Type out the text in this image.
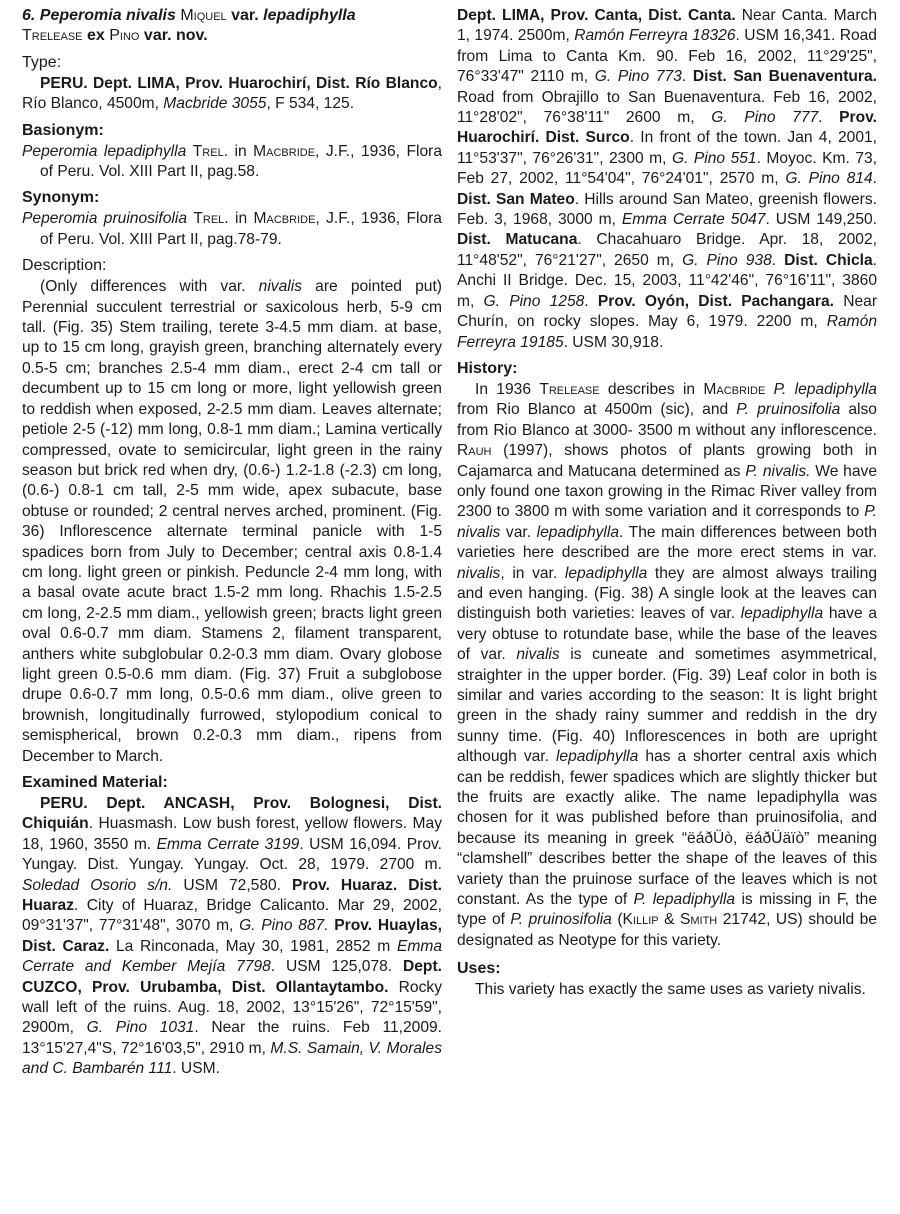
6. Peperomia nivalis Miquel var. lepadiphylla
Trelease ex Pino var. nov.

Type:

PERU. Dept. LIMA, Prov. Huarochirí, Dist. Río Blanco, Río Blanco, 4500m, Macbride 3055, F 534, 125.

Basionym:

Peperomia lepadiphylla Trel. in Macbride, J.F., 1936, Flora of Peru. Vol. XIII Part II, pag.58.

Synonym:

Peperomia pruinosifolia Trel. in Macbride, J.F., 1936, Flora of Peru. Vol. XIII Part II, pag.78-79.

Description:

(Only differences with var. nivalis are pointed put) Perennial succulent terrestrial or saxicolous herb, 5-9 cm tall. (Fig. 35) Stem trailing, terete 3-4.5 mm diam. at base, up to 15 cm long, grayish green, branching alternately every 0.5-5 cm; branches 2.5-4 mm diam., erect 2-4 cm tall or decumbent up to 15 cm long or more, light yellowish green to reddish when exposed, 2-2.5 mm diam. Leaves alternate; petiole 2-5 (-12) mm long, 0.8-1 mm diam.; Lamina vertically compressed, ovate to semicircular, light green in the rainy season but brick red when dry, (0.6-) 1.2-1.8 (-2.3) cm long, (0.6-) 0.8-1 cm tall, 2-5 mm wide, apex subacute, base obtuse or rounded; 2 central nerves arched, prominent. (Fig. 36) Inflorescence alternate terminal panicle with 1-5 spadices born from July to December; central axis 0.8-1.4 cm long. light green or pinkish. Peduncle 2-4 mm long, with a basal ovate acute bract 1.5-2 mm long. Rhachis 1.5-2.5 cm long, 2-2.5 mm diam., yellowish green; bracts light green oval 0.6-0.7 mm diam. Stamens 2, filament transparent, anthers white subglobular 0.2-0.3 mm diam. Ovary globose light green 0.5-0.6 mm diam. (Fig. 37) Fruit a subglobose drupe 0.6-0.7 mm long, 0.5-0.6 mm diam., olive green to brownish, longitudinally furrowed, stylopodium conical to semispherical, brown 0.2-0.3 mm diam., ripens from December to March.

Examined Material:

PERU. Dept. ANCASH, Prov. Bolognesi, Dist. Chiquián. Huasmash. Low bush forest, yellow flowers. May 18, 1960, 3550 m. Emma Cerrate 3199. USM 16,094. Prov. Yungay. Dist. Yungay. Yungay. Oct. 28, 1979. 2700 m. Soledad Osorio s/n. USM 72,580. Prov. Huaraz. Dist. Huaraz. City of Huaraz, Bridge Calicanto. Mar 29, 2002, 09°31'37", 77°31'48", 3070 m, G. Pino 887. Prov. Huaylas, Dist. Caraz. La Rinconada, May 30, 1981, 2852 m Emma Cerrate and Kember Mejía 7798. USM 125,078. Dept. CUZCO, Prov. Urubamba, Dist. Ollantaytambo. Rocky wall left of the ruins. Aug. 18, 2002, 13°15'26", 72°15'59", 2900m, G. Pino 1031. Near the ruins. Feb 11,2009. 13°15'27,4"S, 72°16'03,5", 2910 m, M.S. Samain, V. Morales and C. Bambarén 111. USM.

Dept. LIMA, Prov. Canta, Dist. Canta. Near Canta. March 1, 1974. 2500m, Ramón Ferreyra 18326. USM 16,341. Road from Lima to Canta Km. 90. Feb 16, 2002, 11°29'25", 76°33'47" 2110 m, G. Pino 773. Dist. San Buenaventura. Road from Obrajillo to San Buenaventura. Feb 16, 2002, 11°28'02", 76°38'11" 2600 m, G. Pino 777. Prov. Huarochirí. Dist. Surco. In front of the town. Jan 4, 2001, 11°53'37", 76°26'31", 2300 m, G. Pino 551. Moyoc. Km. 73, Feb 27, 2002, 11°54'04", 76°24'01", 2570 m, G. Pino 814. Dist. San Mateo. Hills around San Mateo, greenish flowers. Feb. 3, 1968, 3000 m, Emma Cerrate 5047. USM 149,250. Dist. Matucana. Chacahuaro Bridge. Apr. 18, 2002, 11°48'52", 76°21'27", 2650 m, G. Pino 938. Dist. Chicla. Anchi II Bridge. Dec. 15, 2003, 11°42'46", 76°16'11", 3860 m, G. Pino 1258. Prov. Oyón, Dist. Pachangara. Near Churín, on rocky slopes. May 6, 1979. 2200 m, Ramón Ferreyra 19185. USM 30,918.

History:

In 1936 Trelease describes in Macbride P. lepadiphylla from Rio Blanco at 4500m (sic), and P. pruinosifolia also from Rio Blanco at 3000- 3500 m without any inflorescence. Rauh (1997), shows photos of plants growing both in Cajamarca and Matucana determined as P. nivalis. We have only found one taxon growing in the Rimac River valley from 2300 to 3800 m with some variation and it corresponds to P. nivalis var. lepadiphylla. The main differences between both varieties here described are the more erect stems in var. nivalis, in var. lepadiphylla they are almost always trailing and even hanging. (Fig. 38) A single look at the leaves can distinguish both varieties: leaves of var. lepadiphylla have a very obtuse to rotundate base, while the base of the leaves of var. nivalis is cuneate and sometimes asymmetrical, straighter in the upper border. (Fig. 39) Leaf color in both is similar and varies according to the season: It is light bright green in the shady rainy summer and reddish in the dry sunny time. (Fig. 40) Inflorescences in both are upright although var. lepadiphylla has a shorter central axis which can be reddish, fewer spadices which are slightly thicker but the fruits are exactly alike. The name lepadiphylla was chosen for it was published before than pruinosifolia, and because its meaning in greek “ëáðÜò, ëáðÜäïò” meaning “clamshell” describes better the shape of the leaves of this variety than the pruinose surface of the leaves which is not constant. As the type of P. lepadiphylla is missing in F, the type of P. pruinosifolia (Killip & Smith 21742, US) should be designated as Neotype for this variety.

Uses:

This variety has exactly the same uses as variety nivalis.
